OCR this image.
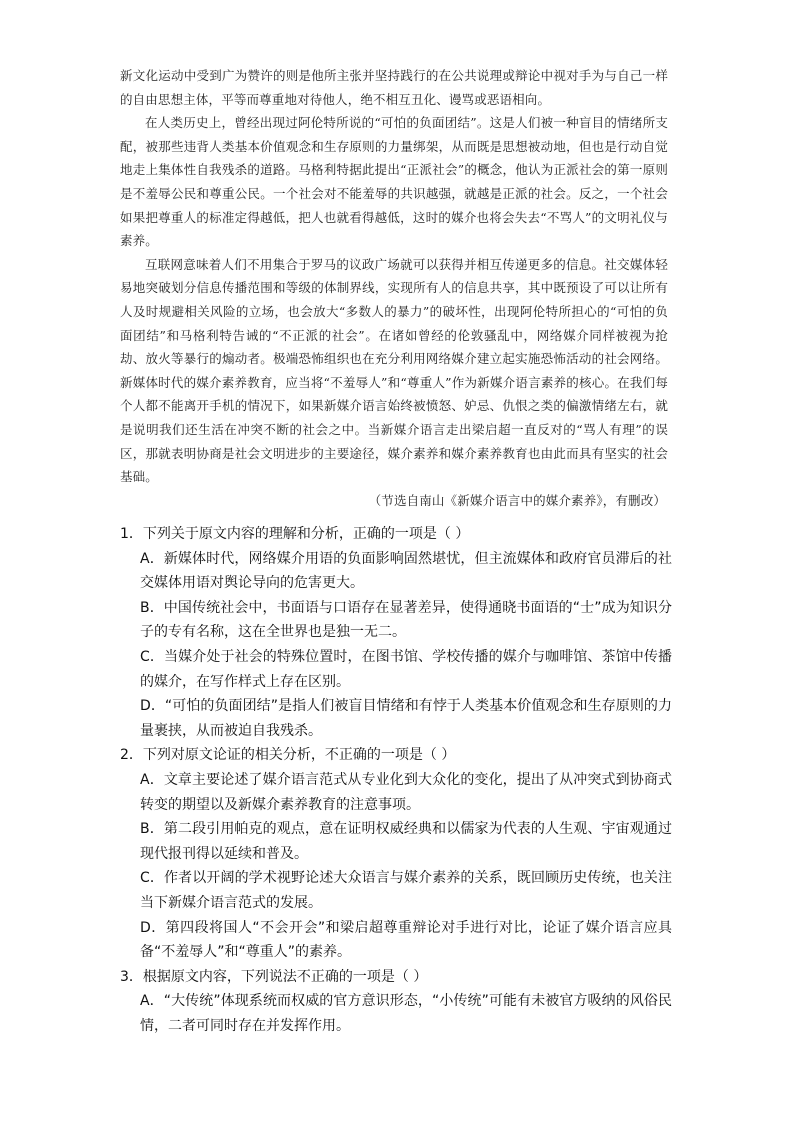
新文化运动中受到广为赞许的则是他所主张并坚持践行的在公共说理或辩论中视对手为与自己一样的自由思想主体，平等而尊重地对待他人，绝不相互丑化、谩骂或恶语相向。

在人类历史上，曾经出现过阿伦特所说的“可怕的负面团结”。这是人们被一种盲目的情绪所支配，被那些违背人类基本价值观念和生存原则的力量绑架，从而既是思想被动地，但也是行动自觉地走上集体性自我残杀的道路。马格利特据此提出“正派社会”的概念，他认为正派社会的第一原则是不羞辱公民和尊重公民。一个社会对不能羞辱的共识越强，就越是正派的社会。反之，一个社会如果把尊重人的标准定得越低，把人也就看得越低，这时的媒介也将会失去“不骂人”的文明礼仪与素养。

互联网意味着人们不用集合于罗马的议政广场就可以获得并相互传递更多的信息。社交媒体轻易地突破划分信息传播范围和等级的体制界线，实现所有人的信息共享，其中既预设了可以让所有人及时规避相关风险的立场，也会放大“多数人的暴力”的破坏性，出现阿伦特所担心的“可怕的负面团结”和马格利特告诫的“不正派的社会”。在诸如曾经的伦敦骚乱中，网络媒介同样被视为抢劫、放火等暴行的煽动者。极端恐怖组织也在充分利用网络媒介建立起实施恐怖活动的社会网络。新媒体时代的媒介素养教育，应当将“不羞辱人”和“尊重人”作为新媒介语言素养的核心。在我们每个人都不能离开手机的情况下，如果新媒介语言始终被愤怒、妒忌、仇恨之类的偏激情绪左右，就是说明我们还生活在冲突不断的社会之中。当新媒介语言走出梁启超一直反对的“骂人有理”的误区，那就表明协商是社会文明进步的主要途径，媒介素养和媒介素养教育也由此而具有坚实的社会基础。

（节选自南山《新媒介语言中的媒介素养》，有删改）

1．下列关于原文内容的理解和分析，正确的一项是（ ）

A．新媒体时代，网络媒介用语的负面影响固然堪忧，但主流媒体和政府官员滞后的社交媒体用语对舆论导向的危害更大。

B．中国传统社会中，书面语与口语存在显著差异，使得通晓书面语的“士”成为知识分子的专有名称，这在全世界也是独一无二。

C．当媒介处于社会的特殊位置时，在图书馆、学校传播的媒介与咖啡馆、茶馆中传播的媒介，在写作样式上存在区别。

D．“可怕的负面团结”是指人们被盲目情绪和有悖于人类基本价值观念和生存原则的力量裹挟，从而被迫自我残杀。

2．下列对原文论证的相关分析，不正确的一项是（ ）

A．文章主要论述了媒介语言范式从专业化到大众化的变化，提出了从冲突式到协商式转变的期望以及新媒介素养教育的注意事项。

B．第二段引用帕克的观点，意在证明权威经典和以儒家为代表的人生观、宇宙观通过现代报刊得以延续和普及。

C．作者以开阔的学术视野论述大众语言与媒介素养的关系，既回顾历史传统，也关注当下新媒介语言范式的发展。

D．第四段将国人“不会开会”和梁启超尊重辩论对手进行对比，论证了媒介语言应具备“不羞辱人”和“尊重人”的素养。

3．根据原文内容，下列说法不正确的一项是（ ）

A．“大传统”体现系统而权威的官方意识形态，“小传统”可能有未被官方吸纳的风俗民情，二者可同时存在并发挥作用。
